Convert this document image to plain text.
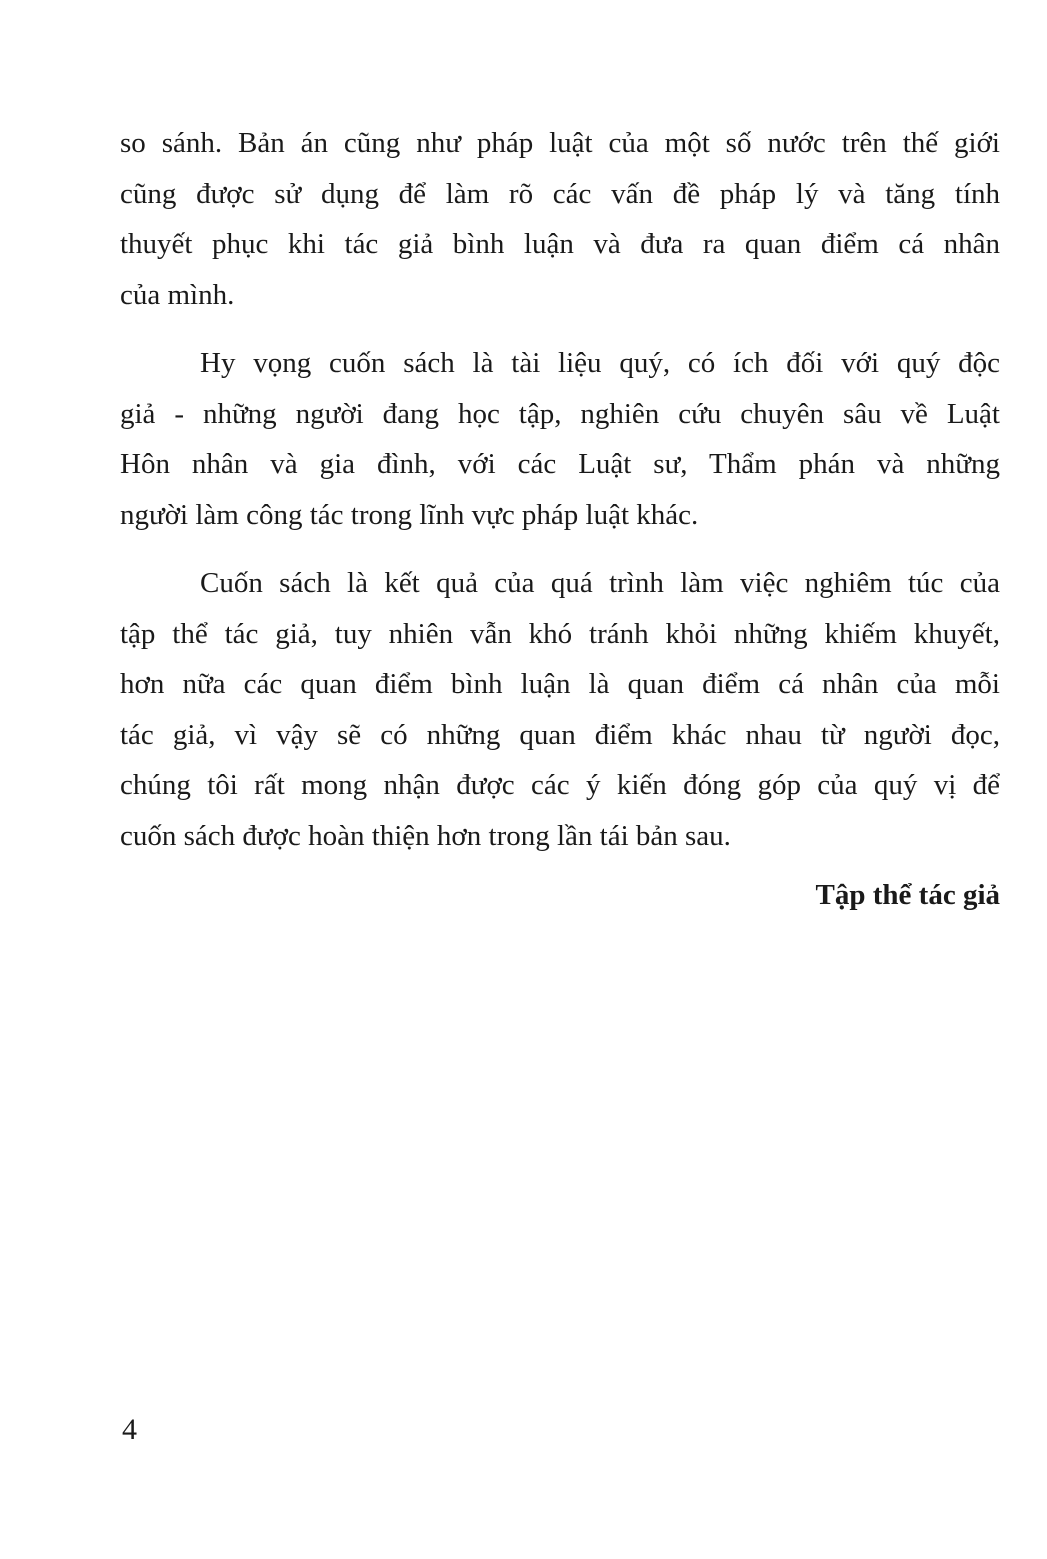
so sánh. Bản án cũng như pháp luật của một số nước trên thế giới
cũng được sử dụng để làm rõ các vấn đề pháp lý và tăng tính
thuyết phục khi tác giả bình luận và đưa ra quan điểm cá nhân
của mình.

Hy vọng cuốn sách là tài liệu quý, có ích đối với quý độc
giả - những người đang học tập, nghiên cứu chuyên sâu về Luật
Hôn nhân và gia đình, với các Luật sư, Thẩm phán và những
người làm công tác trong lĩnh vực pháp luật khác.

Cuốn sách là kết quả của quá trình làm việc nghiêm túc của
tập thể tác giả, tuy nhiên vẫn khó tránh khỏi những khiếm khuyết,
hơn nữa các quan điểm bình luận là quan điểm cá nhân của mỗi
tác giả, vì vậy sẽ có những quan điểm khác nhau từ người đọc,
chúng tôi rất mong nhận được các ý kiến đóng góp của quý vị để
cuốn sách được hoàn thiện hơn trong lần tái bản sau.

Tập thể tác giả
4
